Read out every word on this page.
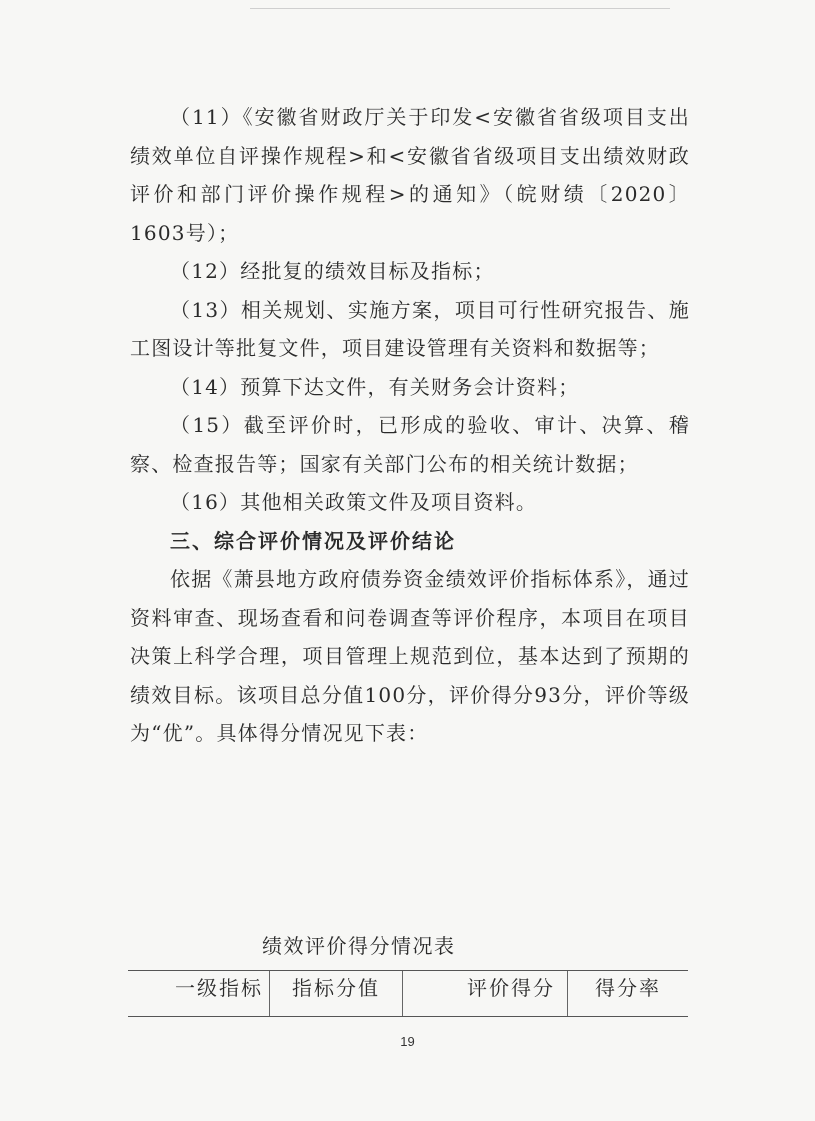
（11）《安徽省财政厅关于印发<安徽省省级项目支出绩效单位自评操作规程>和<安徽省省级项目支出绩效财政评价和部门评价操作规程>的通知》（皖财绩〔2020〕1603号）；

（12）经批复的绩效目标及指标；

（13）相关规划、实施方案，项目可行性研究报告、施工图设计等批复文件，项目建设管理有关资料和数据等；

（14）预算下达文件，有关财务会计资料；

（15）截至评价时，已形成的验收、审计、决算、稽察、检查报告等；国家有关部门公布的相关统计数据；

（16）其他相关政策文件及项目资料。

三、综合评价情况及评价结论

依据《萧县地方政府债券资金绩效评价指标体系》，通过资料审查、现场查看和问卷调查等评价程序，本项目在项目决策上科学合理，项目管理上规范到位，基本达到了预期的绩效目标。该项目总分值100分，评价得分93分，评价等级为“优”。具体得分情况见下表：

绩效评价得分情况表
一级指标	指标分值	评价得分	得分率
19
